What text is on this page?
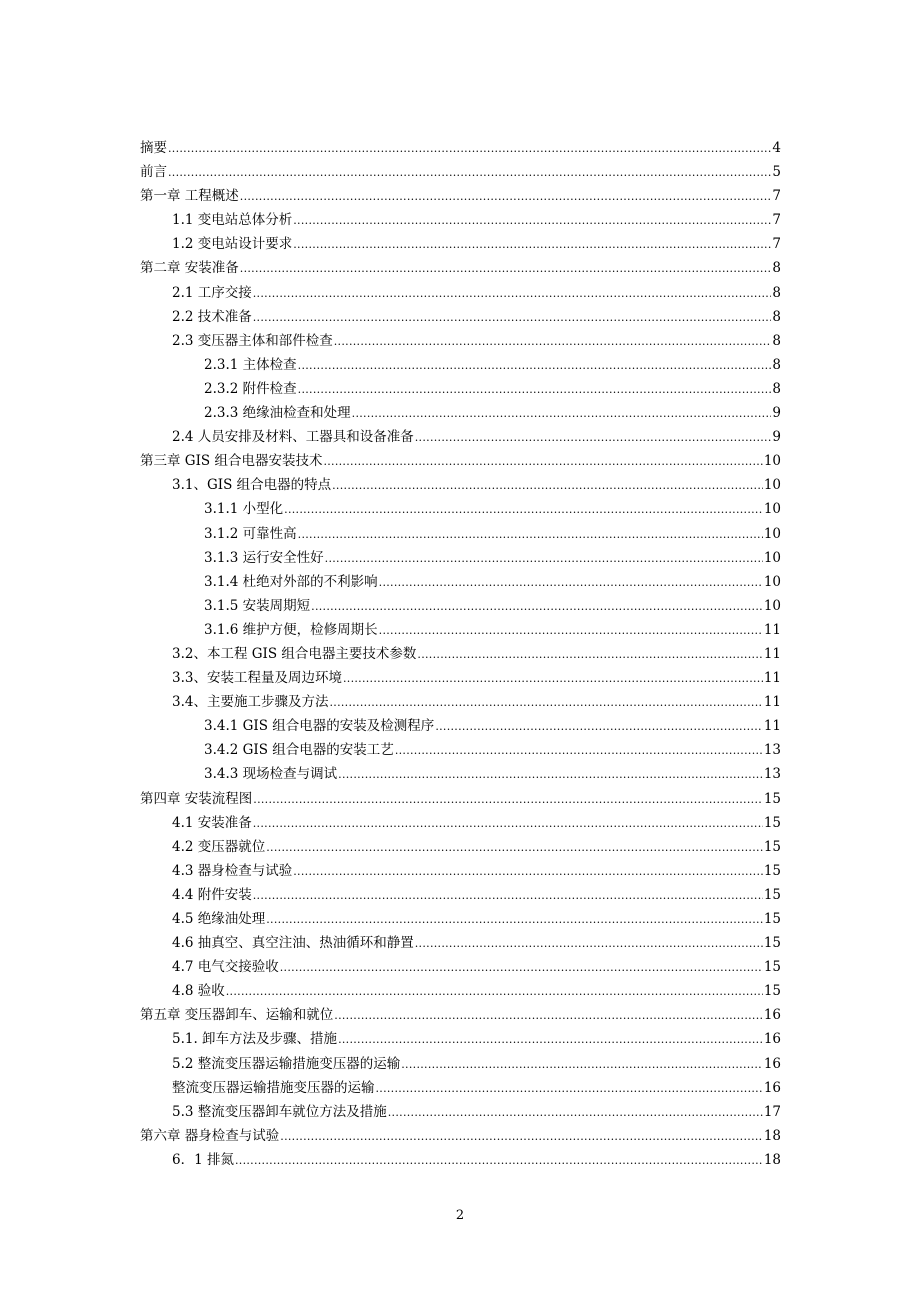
摘要 .....	4
前言 .....	5
第一章 工程概述 .....	7
1.1 变电站总体分析 .....	7
1.2 变电站设计要求 .....	7
第二章 安装准备 .....	8
2.1 工序交接 .....	8
2.2 技术准备 .....	8
2.3 变压器主体和部件检查 .....	8
2.3.1 主体检查 .....	8
2.3.2 附件检查 .....	8
2.3.3 绝缘油检查和处理 .....	9
2.4 人员安排及材料、工器具和设备准备 .....	9
第三章 GIS 组合电器安装技术 .....	10
3.1、GIS 组合电器的特点 .....	10
3.1.1 小型化 .....	10
3.1.2 可靠性高 .....	10
3.1.3 运行安全性好 .....	10
3.1.4 杜绝对外部的不利影响 .....	10
3.1.5 安装周期短 .....	10
3.1.6 维护方便，检修周期长 .....	11
3.2、本工程 GIS 组合电器主要技术参数 .....	11
3.3、安装工程量及周边环境 .....	11
3.4、主要施工步骤及方法 .....	11
3.4.1 GIS 组合电器的安装及检测程序 .....	11
3.4.2 GIS 组合电器的安装工艺 .....	13
3.4.3 现场检查与调试 .....	13
第四章 安装流程图 .....	15
4.1 安装准备 .....	15
4.2 变压器就位 .....	15
4.3 器身检查与试验 .....	15
4.4 附件安装 .....	15
4.5 绝缘油处理 .....	15
4.6 抽真空、真空注油、热油循环和静置 .....	15
4.7 电气交接验收 .....	15
4.8 验收 .....	15
第五章 变压器卸车、运输和就位 .....	16
5.1. 卸车方法及步骤、措施 .....	16
5.2 整流变压器运输措施变压器的运输 .....	16
整流变压器运输措施变压器的运输 .....	16
5.3 整流变压器卸车就位方法及措施 .....	17
第六章 器身检查与试验 .....	18
6．1 排氮 .....	18
2
